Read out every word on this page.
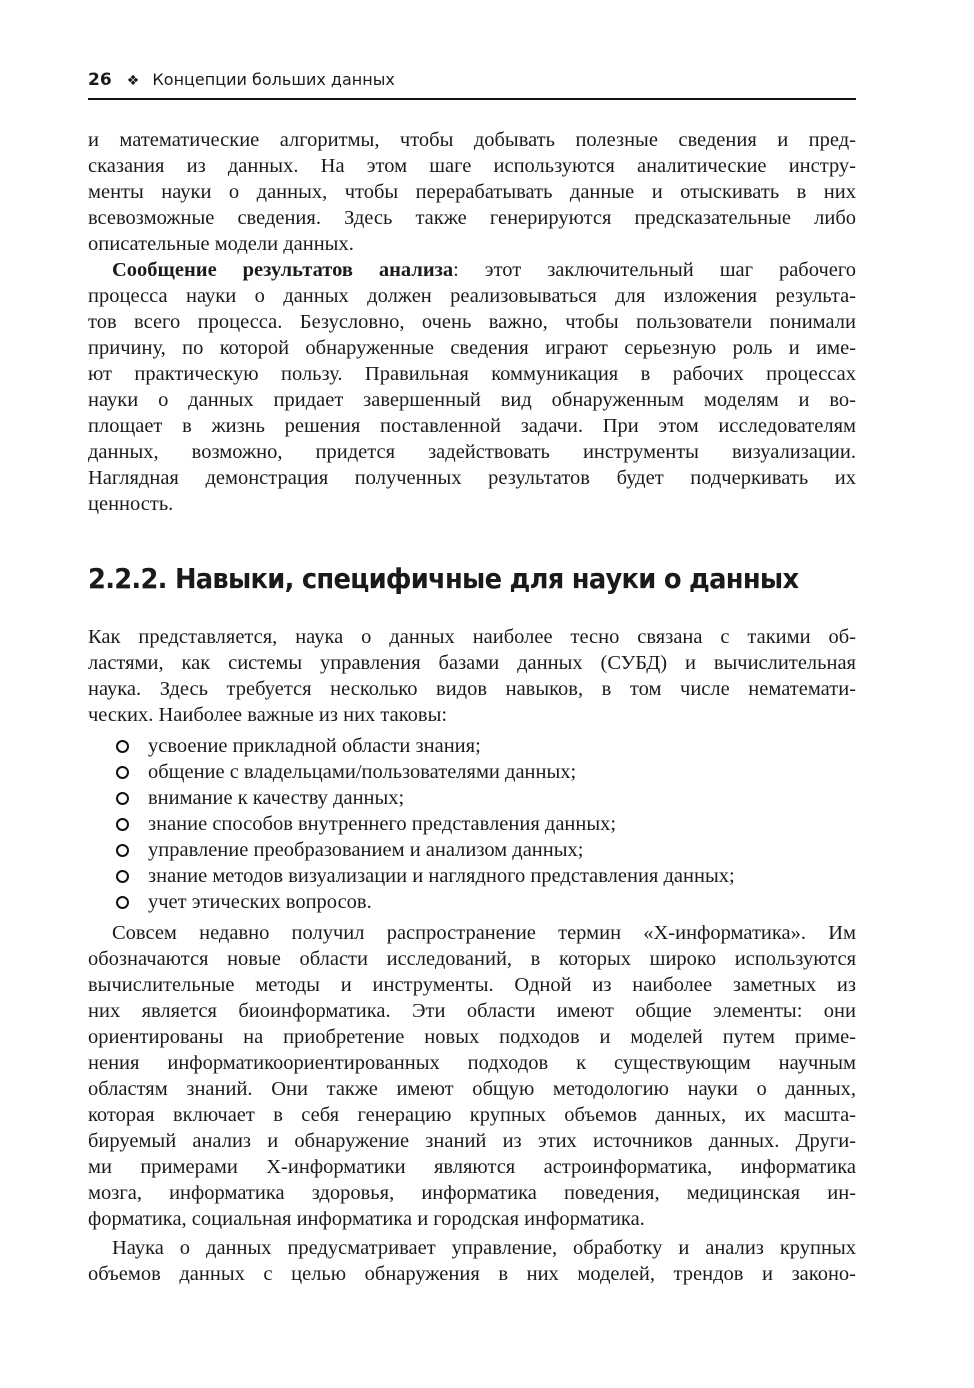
26 ❖ Концепции больших данных
и математические алгоритмы, чтобы добывать полезные сведения и пред-
сказания из данных. На этом шаге используются аналитические инстру-
менты науки о данных, чтобы перерабатывать данные и отыскивать в них
всевозможные сведения. Здесь также генерируются предсказательные либо
описательные модели данных.
Сообщение результатов анализа: этот заключительный шаг рабочего
процесса науки о данных должен реализовываться для изложения результа-
тов всего процесса. Безусловно, очень важно, чтобы пользователи понимали
причину, по которой обнаруженные сведения играют серьезную роль и име-
ют практическую пользу. Правильная коммуникация в рабочих процессах
науки о данных придает завершенный вид обнаруженным моделям и во-
площает в жизнь решения поставленной задачи. При этом исследователям
данных, возможно, придется задействовать инструменты визуализации.
Наглядная демонстрация полученных результатов будет подчеркивать их
ценность.
2.2.2. Навыки, специфичные для науки о данных
Как представляется, наука о данных наиболее тесно связана с такими об-
ластями, как системы управления базами данных (СУБД) и вычислительная
наука. Здесь требуется несколько видов навыков, в том числе нематемати-
ческих. Наиболее важные из них таковы:
усвоение прикладной области знания;
общение с владельцами/пользователями данных;
внимание к качеству данных;
знание способов внутреннего представления данных;
управление преобразованием и анализом данных;
знание методов визуализации и наглядного представления данных;
учет этических вопросов.
Совсем недавно получил распространение термин «Х-информатика». Им
обозначаются новые области исследований, в которых широко используются
вычислительные методы и инструменты. Одной из наиболее заметных из
них является биоинформатика. Эти области имеют общие элементы: они
ориентированы на приобретение новых подходов и моделей путем приме-
нения информатикоориентированных подходов к существующим научным
областям знаний. Они также имеют общую методологию науки о данных,
которая включает в себя генерацию крупных объемов данных, их масшта-
бируемый анализ и обнаружение знаний из этих источников данных. Други-
ми примерами Х-информатики являются астроинформатика, информатика
мозга, информатика здоровья, информатика поведения, медицинская ин-
форматика, социальная информатика и городская информатика.
Наука о данных предусматривает управление, обработку и анализ крупных
объемов данных с целью обнаружения в них моделей, трендов и законо-
